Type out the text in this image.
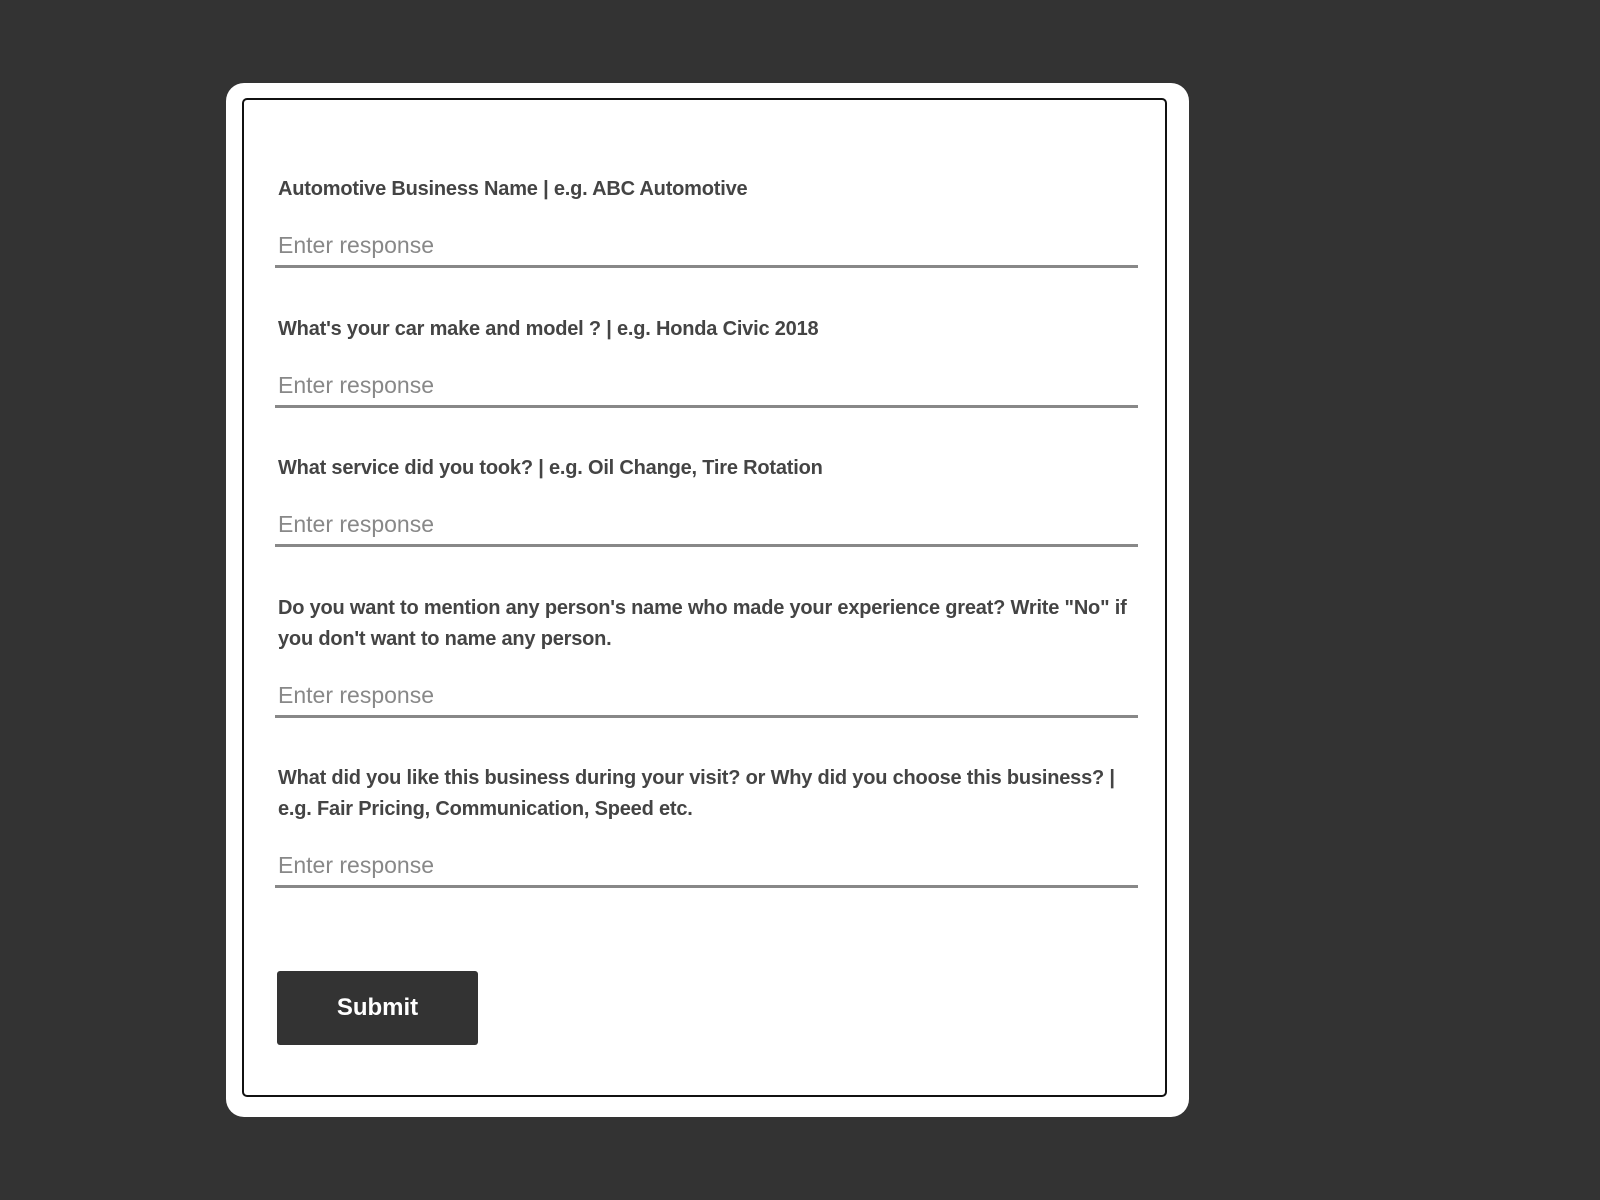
Automotive Business Name | e.g. ABC Automotive
Enter response
What's your car make and model ? | e.g. Honda Civic 2018
Enter response
What service did you took? | e.g. Oil Change, Tire Rotation
Enter response
Do you want to mention any person's name who made your experience great? Write "No" if you don't want to name any person.
Enter response
What did you like this business during your visit? or Why did you choose this business? | e.g. Fair Pricing, Communication, Speed etc.
Enter response
Submit
